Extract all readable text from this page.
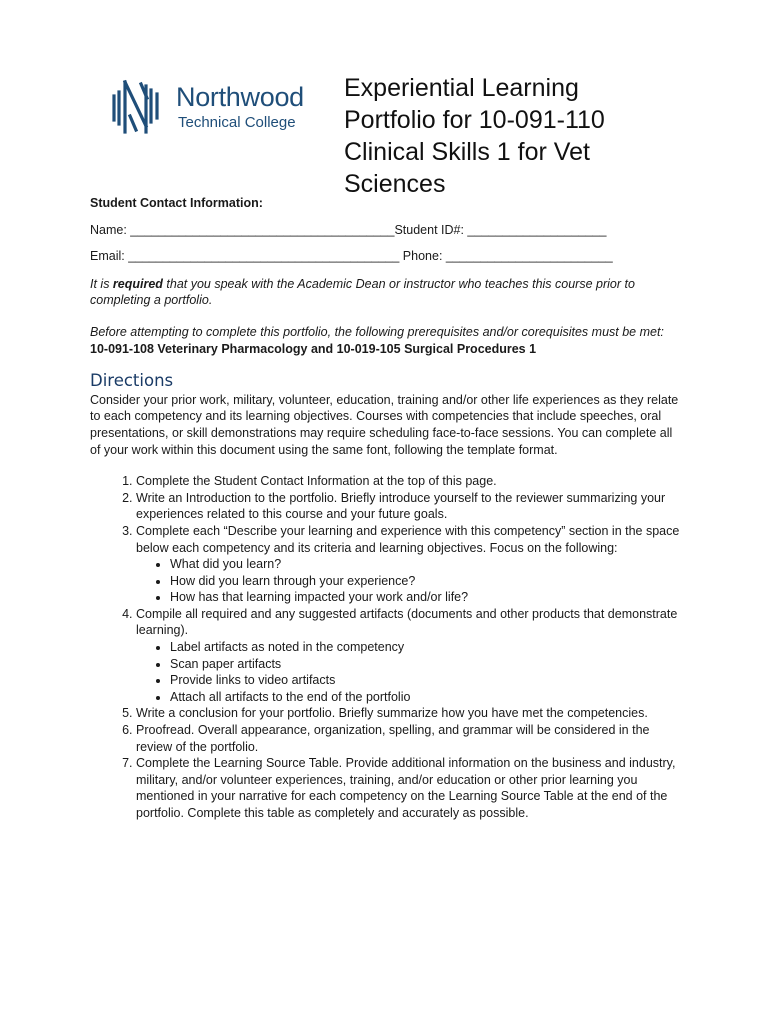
Northwood
Technical College
Experiential Learning
Portfolio for 10-091-110
Clinical Skills 1 for Vet
Sciences

Student Contact Information:

Name: ______________________________________Student ID#: ____________________

Email: _______________________________________ Phone: ________________________

It is required that you speak with the Academic Dean or instructor who teaches this course prior to completing a portfolio.

Before attempting to complete this portfolio, the following prerequisites and/or corequisites must be met:

10-091-108 Veterinary Pharmacology and 10-019-105 Surgical Procedures 1

Directions

Consider your prior work, military, volunteer, education, training and/or other life experiences as they relate to each competency and its learning objectives. Courses with competencies that include speeches, oral presentations, or skill demonstrations may require scheduling face-to-face sessions. You can complete all of your work within this document using the same font, following the template format.

1. Complete the Student Contact Information at the top of this page.
2. Write an Introduction to the portfolio. Briefly introduce yourself to the reviewer summarizing your experiences related to this course and your future goals.
3. Complete each “Describe your learning and experience with this competency” section in the space below each competency and its criteria and learning objectives. Focus on the following:
• What did you learn?
• How did you learn through your experience?
• How has that learning impacted your work and/or life?
4. Compile all required and any suggested artifacts (documents and other products that demonstrate learning).
• Label artifacts as noted in the competency
• Scan paper artifacts
• Provide links to video artifacts
• Attach all artifacts to the end of the portfolio
5. Write a conclusion for your portfolio. Briefly summarize how you have met the competencies.
6. Proofread. Overall appearance, organization, spelling, and grammar will be considered in the review of the portfolio.
7. Complete the Learning Source Table. Provide additional information on the business and industry, military, and/or volunteer experiences, training, and/or education or other prior learning you mentioned in your narrative for each competency on the Learning Source Table at the end of the portfolio. Complete this table as completely and accurately as possible.
